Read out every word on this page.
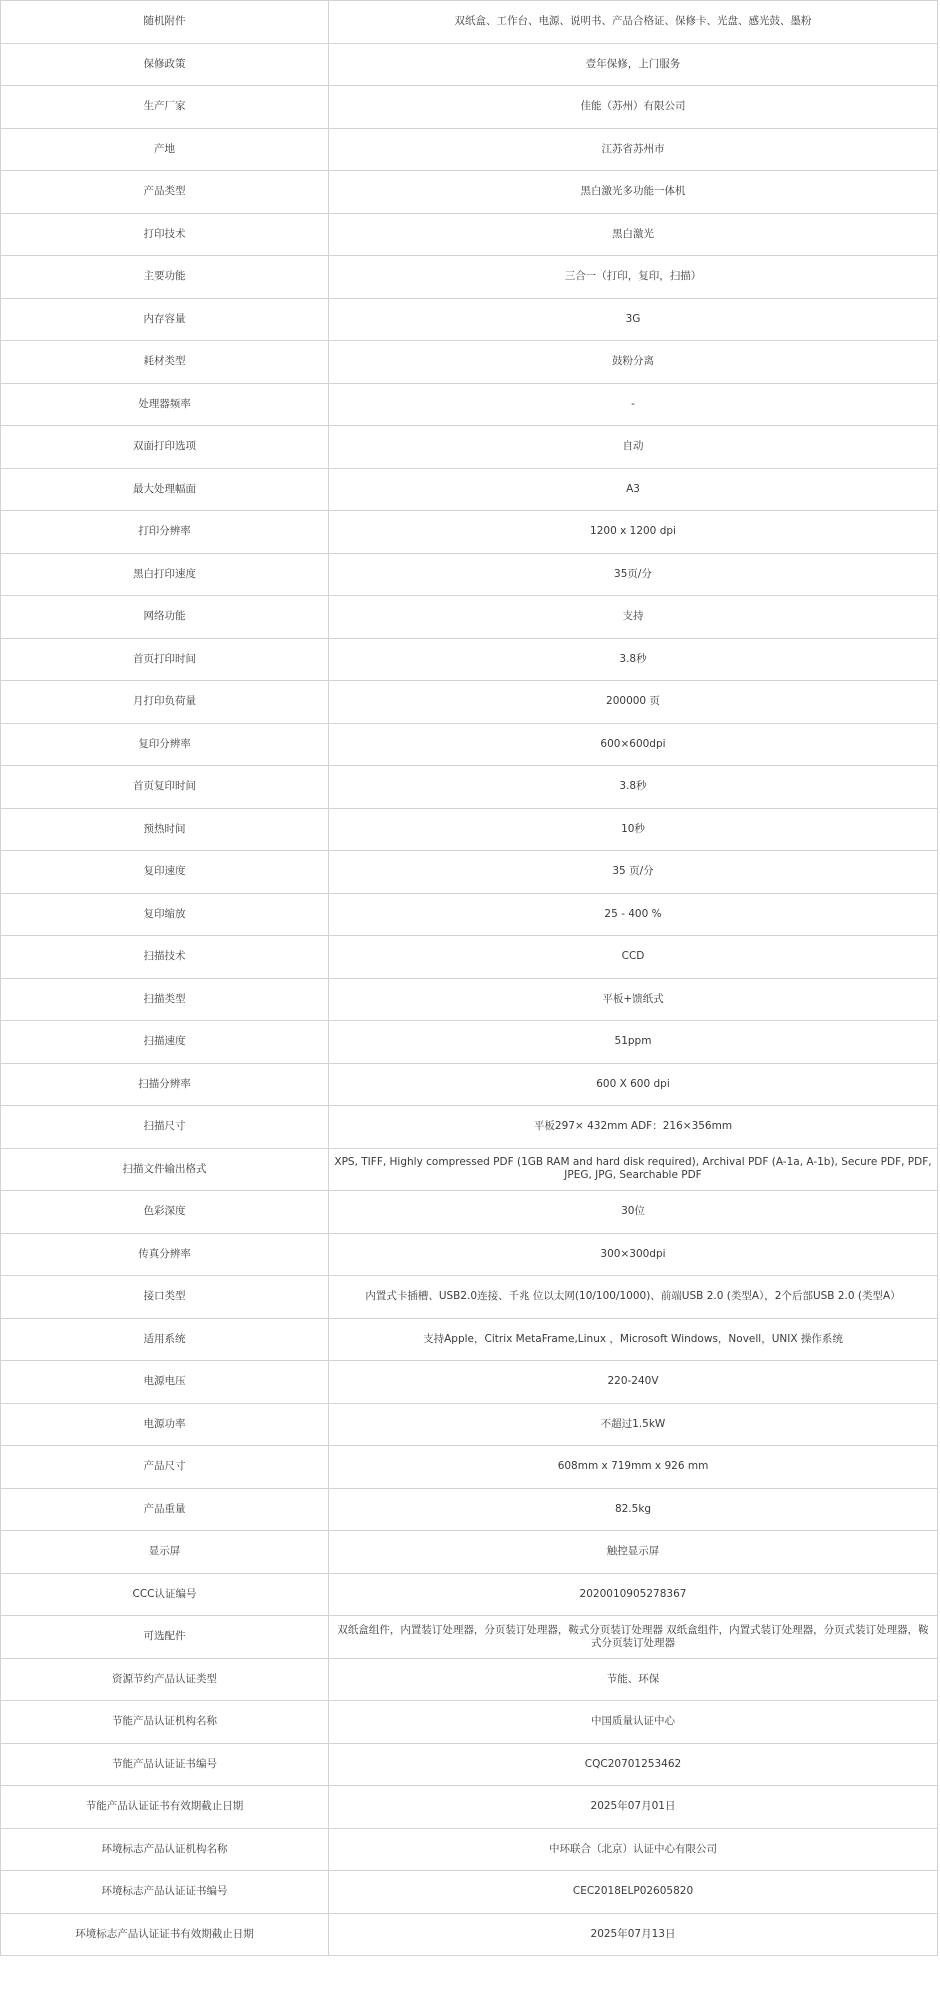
随机附件	双纸盒、工作台、电源、说明书、产品合格证、保修卡、光盘、感光鼓、墨粉
保修政策	壹年保修，上门服务
生产厂家	佳能（苏州）有限公司
产地	江苏省苏州市
产品类型	黑白激光多功能一体机
打印技术	黑白激光
主要功能	三合一（打印，复印，扫描）
内存容量	3G
耗材类型	鼓粉分离
处理器频率	-
双面打印选项	自动
最大处理幅面	A3
打印分辨率	1200 x 1200 dpi
黑白打印速度	35页/分
网络功能	支持
首页打印时间	3.8秒
月打印负荷量	200000 页
复印分辨率	600×600dpi
首页复印时间	3.8秒
预热时间	10秒
复印速度	35 页/分
复印缩放	25 - 400 %
扫描技术	CCD
扫描类型	平板+馈纸式
扫描速度	51ppm
扫描分辨率	600 X 600 dpi
扫描尺寸	平板297× 432mm ADF：216×356mm
扫描文件输出格式	XPS, TIFF, Highly compressed PDF (1GB RAM and hard disk required), Archival PDF (A-1a, A-1b), Secure PDF, PDF, JPEG, JPG, Searchable PDF
色彩深度	30位
传真分辨率	300×300dpi
接口类型	内置式卡插槽、USB2.0连接、千兆 位以太网(10/100/1000)、前端USB 2.0 (类型A），2个后部USB 2.0 (类型A）
适用系统	支持Apple，Citrix MetaFrame,Linux ，Microsoft Windows，Novell，UNIX 操作系统
电源电压	220-240V
电源功率	不超过1.5kW
产品尺寸	608mm x 719mm x 926 mm
产品重量	82.5kg
显示屏	触控显示屏
CCC认证编号	2020010905278367
可选配件	双纸盒组件，内置装订处理器，分页装订处理器，鞍式分页装订处理器 双纸盒组件，内置式装订处理器，分页式装订处理器，鞍式分页装订处理器
资源节约产品认证类型	节能、环保
节能产品认证机构名称	中国质量认证中心
节能产品认证证书编号	CQC20701253462
节能产品认证证书有效期截止日期	2025年07月01日
环境标志产品认证机构名称	中环联合（北京）认证中心有限公司
环境标志产品认证证书编号	CEC2018ELP02605820
环境标志产品认证证书有效期截止日期	2025年07月13日
